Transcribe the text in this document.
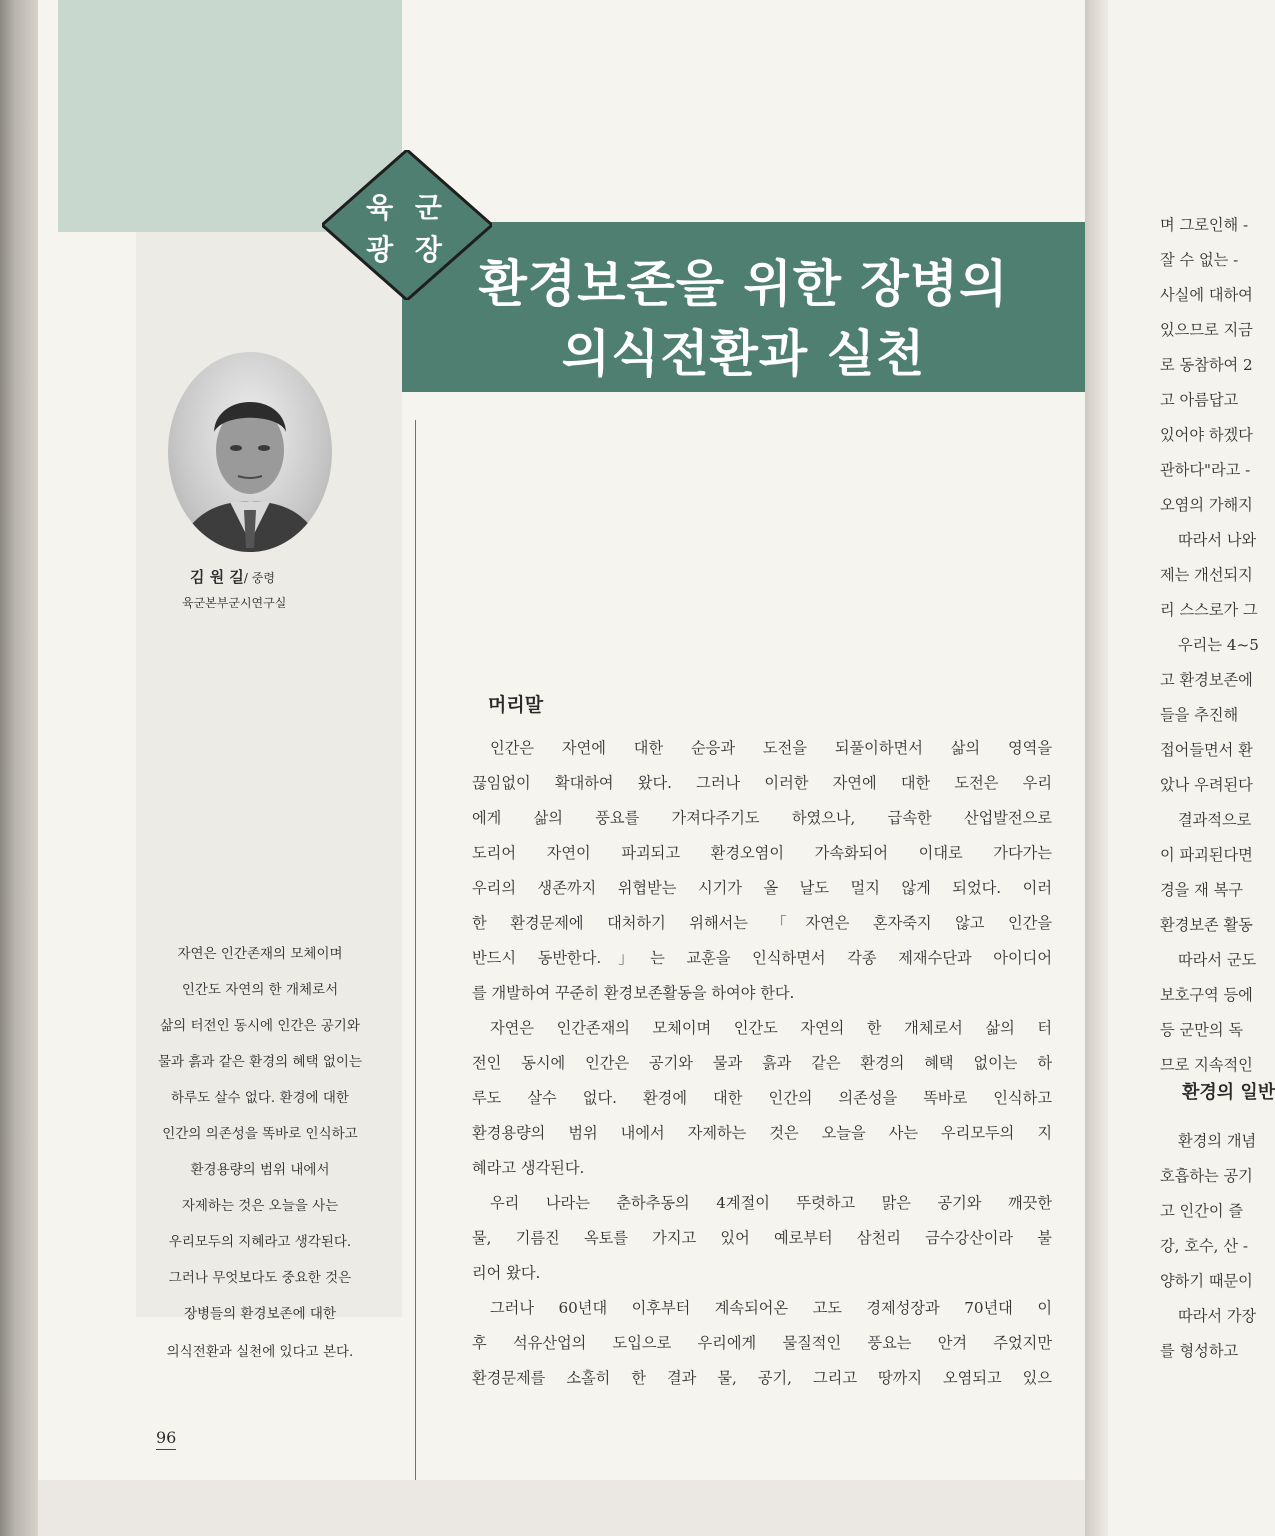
환경보존을 위한 장병의
의식전환과 실천
육 군
광 장
김 원 길/ 중령
육군본부군시연구실
자연은 인간존재의 모체이며
인간도 자연의 한 개체로서
삶의 터전인 동시에 인간은 공기와
물과 흙과 같은 환경의 혜택 없이는
하루도 살수 없다. 환경에 대한
인간의 의존성을 똑바로 인식하고
환경용량의 범위 내에서
자제하는 것은 오늘을 사는
우리모두의 지혜라고 생각된다.
그러나 무엇보다도 중요한 것은
장병들의 환경보존에 대한
의식전환과 실천에 있다고 본다.
머리말
인간은 자연에 대한 순응과 도전을 되풀이하면서 삶의 영역을
끊임없이 확대하여 왔다. 그러나 이러한 자연에 대한 도전은 우리
에게 삶의 풍요를 가져다주기도 하였으나, 급속한 산업발전으로
도리어 자연이 파괴되고 환경오염이 가속화되어 이대로 가다가는
우리의 생존까지 위협받는 시기가 올 날도 멀지 않게 되었다. 이러
한 환경문제에 대처하기 위해서는 「자연은 혼자죽지 않고 인간을
반드시 동반한다.」는 교훈을 인식하면서 각종 제재수단과 아이디어
를 개발하여 꾸준히 환경보존활동을 하여야 한다.
자연은 인간존재의 모체이며 인간도 자연의 한 개체로서 삶의 터
전인 동시에 인간은 공기와 물과 흙과 같은 환경의 혜택 없이는 하
루도 살수 없다. 환경에 대한 인간의 의존성을 똑바로 인식하고
환경용량의 범위 내에서 자제하는 것은 오늘을 사는 우리모두의 지
혜라고 생각된다.
우리 나라는 춘하추동의 4계절이 뚜렷하고 맑은 공기와 깨끗한
물, 기름진 옥토를 가지고 있어 예로부터 삼천리 금수강산이라 불
리어 왔다.
그러나 60년대 이후부터 계속되어온 고도 경제성장과 70년대 이
후 석유산업의 도입으로 우리에게 물질적인 풍요는 안겨 주었지만
환경문제를 소홀히 한 결과 물, 공기, 그리고 땅까지 오염되고 있으
96
며 그로인해 -
잘 수 없는 -
사실에 대하여
있으므로 지금
로 동참하여 2
고 아름답고
있어야 하겠다
관하다"라고 -
오염의 가해지
따라서 나와
제는 개선되지
리 스스로가 그
우리는 4~5
고 환경보존에
들을 추진해
접어들면서 환
았나 우려된다
결과적으로
이 파괴된다면
경을 재 복구
환경보존 활동
따라서 군도
보호구역 등에
등 군만의 독
므로 지속적인
환경의 일반
환경의 개념
호흡하는 공기
고 인간이 즐
강, 호수, 산 -
양하기 때문이
따라서 가장
를 형성하고
